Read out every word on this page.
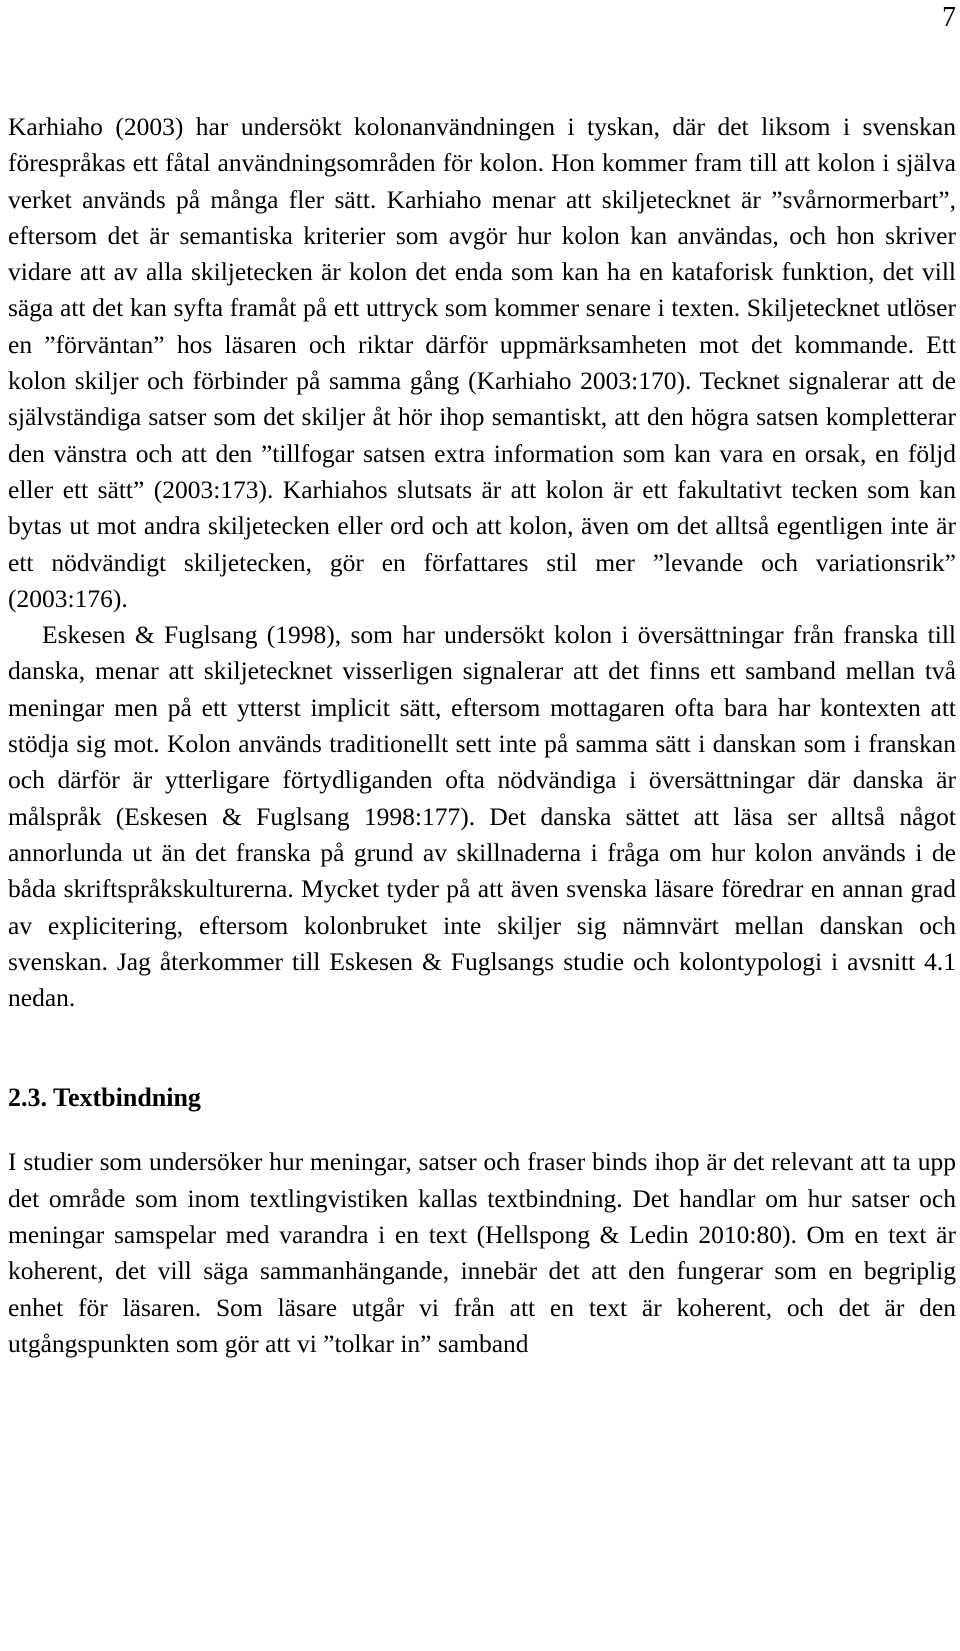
7

Karhiaho (2003) har undersökt kolonanvändningen i tyskan, där det liksom i svenskan förespråkas ett fåtal användningsområden för kolon. Hon kommer fram till att kolon i själva verket används på många fler sätt. Karhiaho menar att skiljetecknet är ”svårnormerbart”, eftersom det är semantiska kriterier som avgör hur kolon kan användas, och hon skriver vidare att av alla skiljetecken är kolon det enda som kan ha en kataforisk funktion, det vill säga att det kan syfta framåt på ett uttryck som kommer senare i texten. Skiljetecknet utlöser en ”förväntan” hos läsaren och riktar därför uppmärksamheten mot det kommande. Ett kolon skiljer och förbinder på samma gång (Karhiaho 2003:170). Tecknet signalerar att de självständiga satser som det skiljer åt hör ihop semantiskt, att den högra satsen kompletterar den vänstra och att den ”tillfogar satsen extra information som kan vara en orsak, en följd eller ett sätt” (2003:173). Karhiahos slutsats är att kolon är ett fakultativt tecken som kan bytas ut mot andra skiljetecken eller ord och att kolon, även om det alltså egentligen inte är ett nödvändigt skiljetecken, gör en författares stil mer ”levande och variationsrik” (2003:176).

Eskesen & Fuglsang (1998), som har undersökt kolon i översättningar från franska till danska, menar att skiljetecknet visserligen signalerar att det finns ett samband mellan två meningar men på ett ytterst implicit sätt, eftersom mottagaren ofta bara har kontexten att stödja sig mot. Kolon används traditionellt sett inte på samma sätt i danskan som i franskan och därför är ytterligare förtydliganden ofta nödvändiga i översättningar där danska är målspråk (Eskesen & Fuglsang 1998:177). Det danska sättet att läsa ser alltså något annorlunda ut än det franska på grund av skillnaderna i fråga om hur kolon används i de båda skriftspråkskulturerna. Mycket tyder på att även svenska läsare föredrar en annan grad av explicitering, eftersom kolonbruket inte skiljer sig nämnvärt mellan danskan och svenskan. Jag återkommer till Eskesen & Fuglsangs studie och kolontypologi i avsnitt 4.1 nedan.

2.3. Textbindning

I studier som undersöker hur meningar, satser och fraser binds ihop är det relevant att ta upp det område som inom textlingvistiken kallas textbindning. Det handlar om hur satser och meningar samspelar med varandra i en text (Hellspong & Ledin 2010:80). Om en text är koherent, det vill säga sammanhängande, innebär det att den fungerar som en begriplig enhet för läsaren. Som läsare utgår vi från att en text är koherent, och det är den utgångspunkten som gör att vi ”tolkar in” samband
